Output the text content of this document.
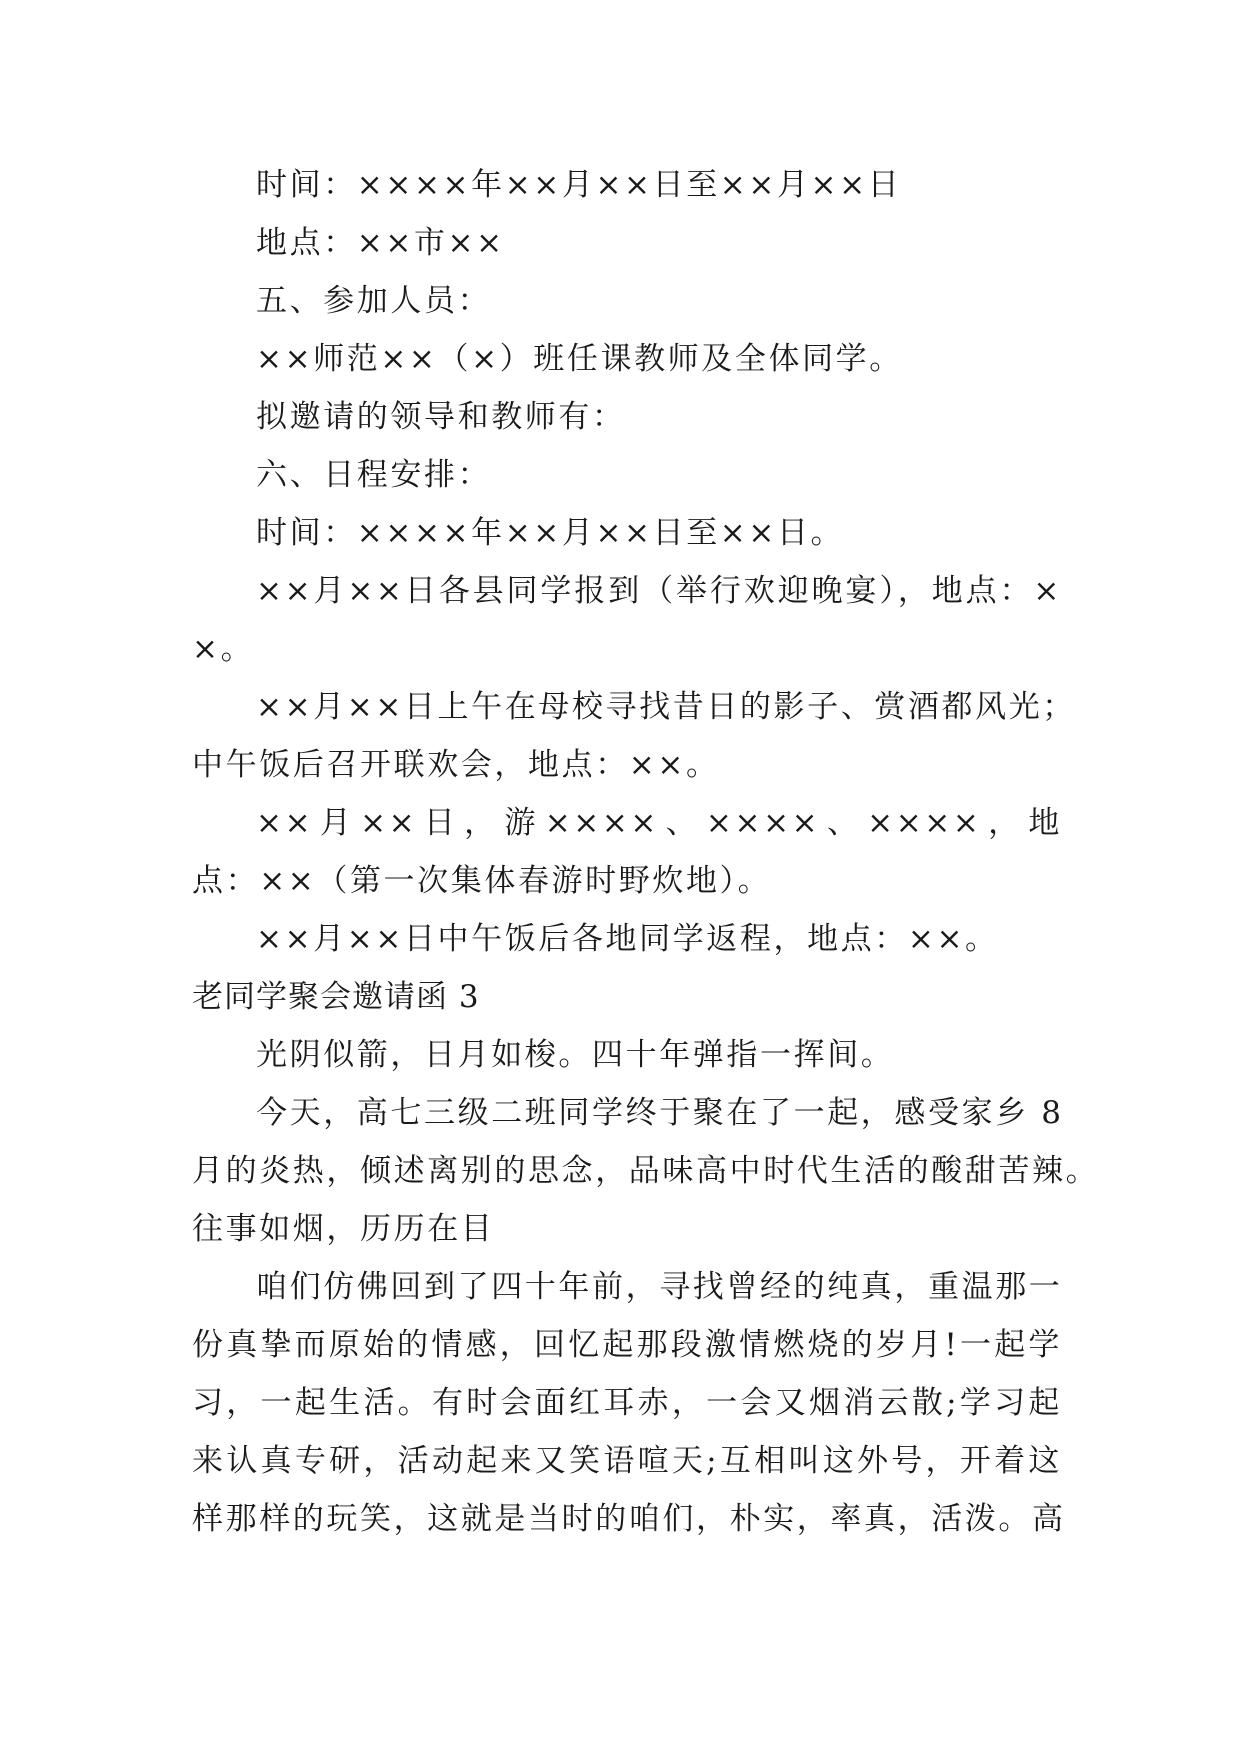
时间：××××年××月××日至××月××日
地点：××市××
五、参加人员：
××师范××（×）班任课教师及全体同学。
拟邀请的领导和教师有：
六、日程安排：
时间：××××年××月××日至××日。
××月××日各县同学报到（举行欢迎晚宴），地点：×
×。
××月××日上午在母校寻找昔日的影子、赏酒都风光；
中午饭后召开联欢会，地点：××。
××月××日，游××××、××××、××××，地
点：××（第一次集体春游时野炊地）。
××月××日中午饭后各地同学返程，地点：××。
老同学聚会邀请函 3
光阴似箭，日月如梭。四十年弹指一挥间。
今天，高七三级二班同学终于聚在了一起，感受家乡 8
月的炎热，倾述离别的思念，品味高中时代生活的酸甜苦辣。
往事如烟，历历在目
咱们仿佛回到了四十年前，寻找曾经的纯真，重温那一
份真挚而原始的情感，回忆起那段激情燃烧的岁月!一起学
习，一起生活。有时会面红耳赤，一会又烟消云散;学习起
来认真专研，活动起来又笑语喧天;互相叫这外号，开着这
样那样的玩笑，这就是当时的咱们，朴实，率真，活泼。高
